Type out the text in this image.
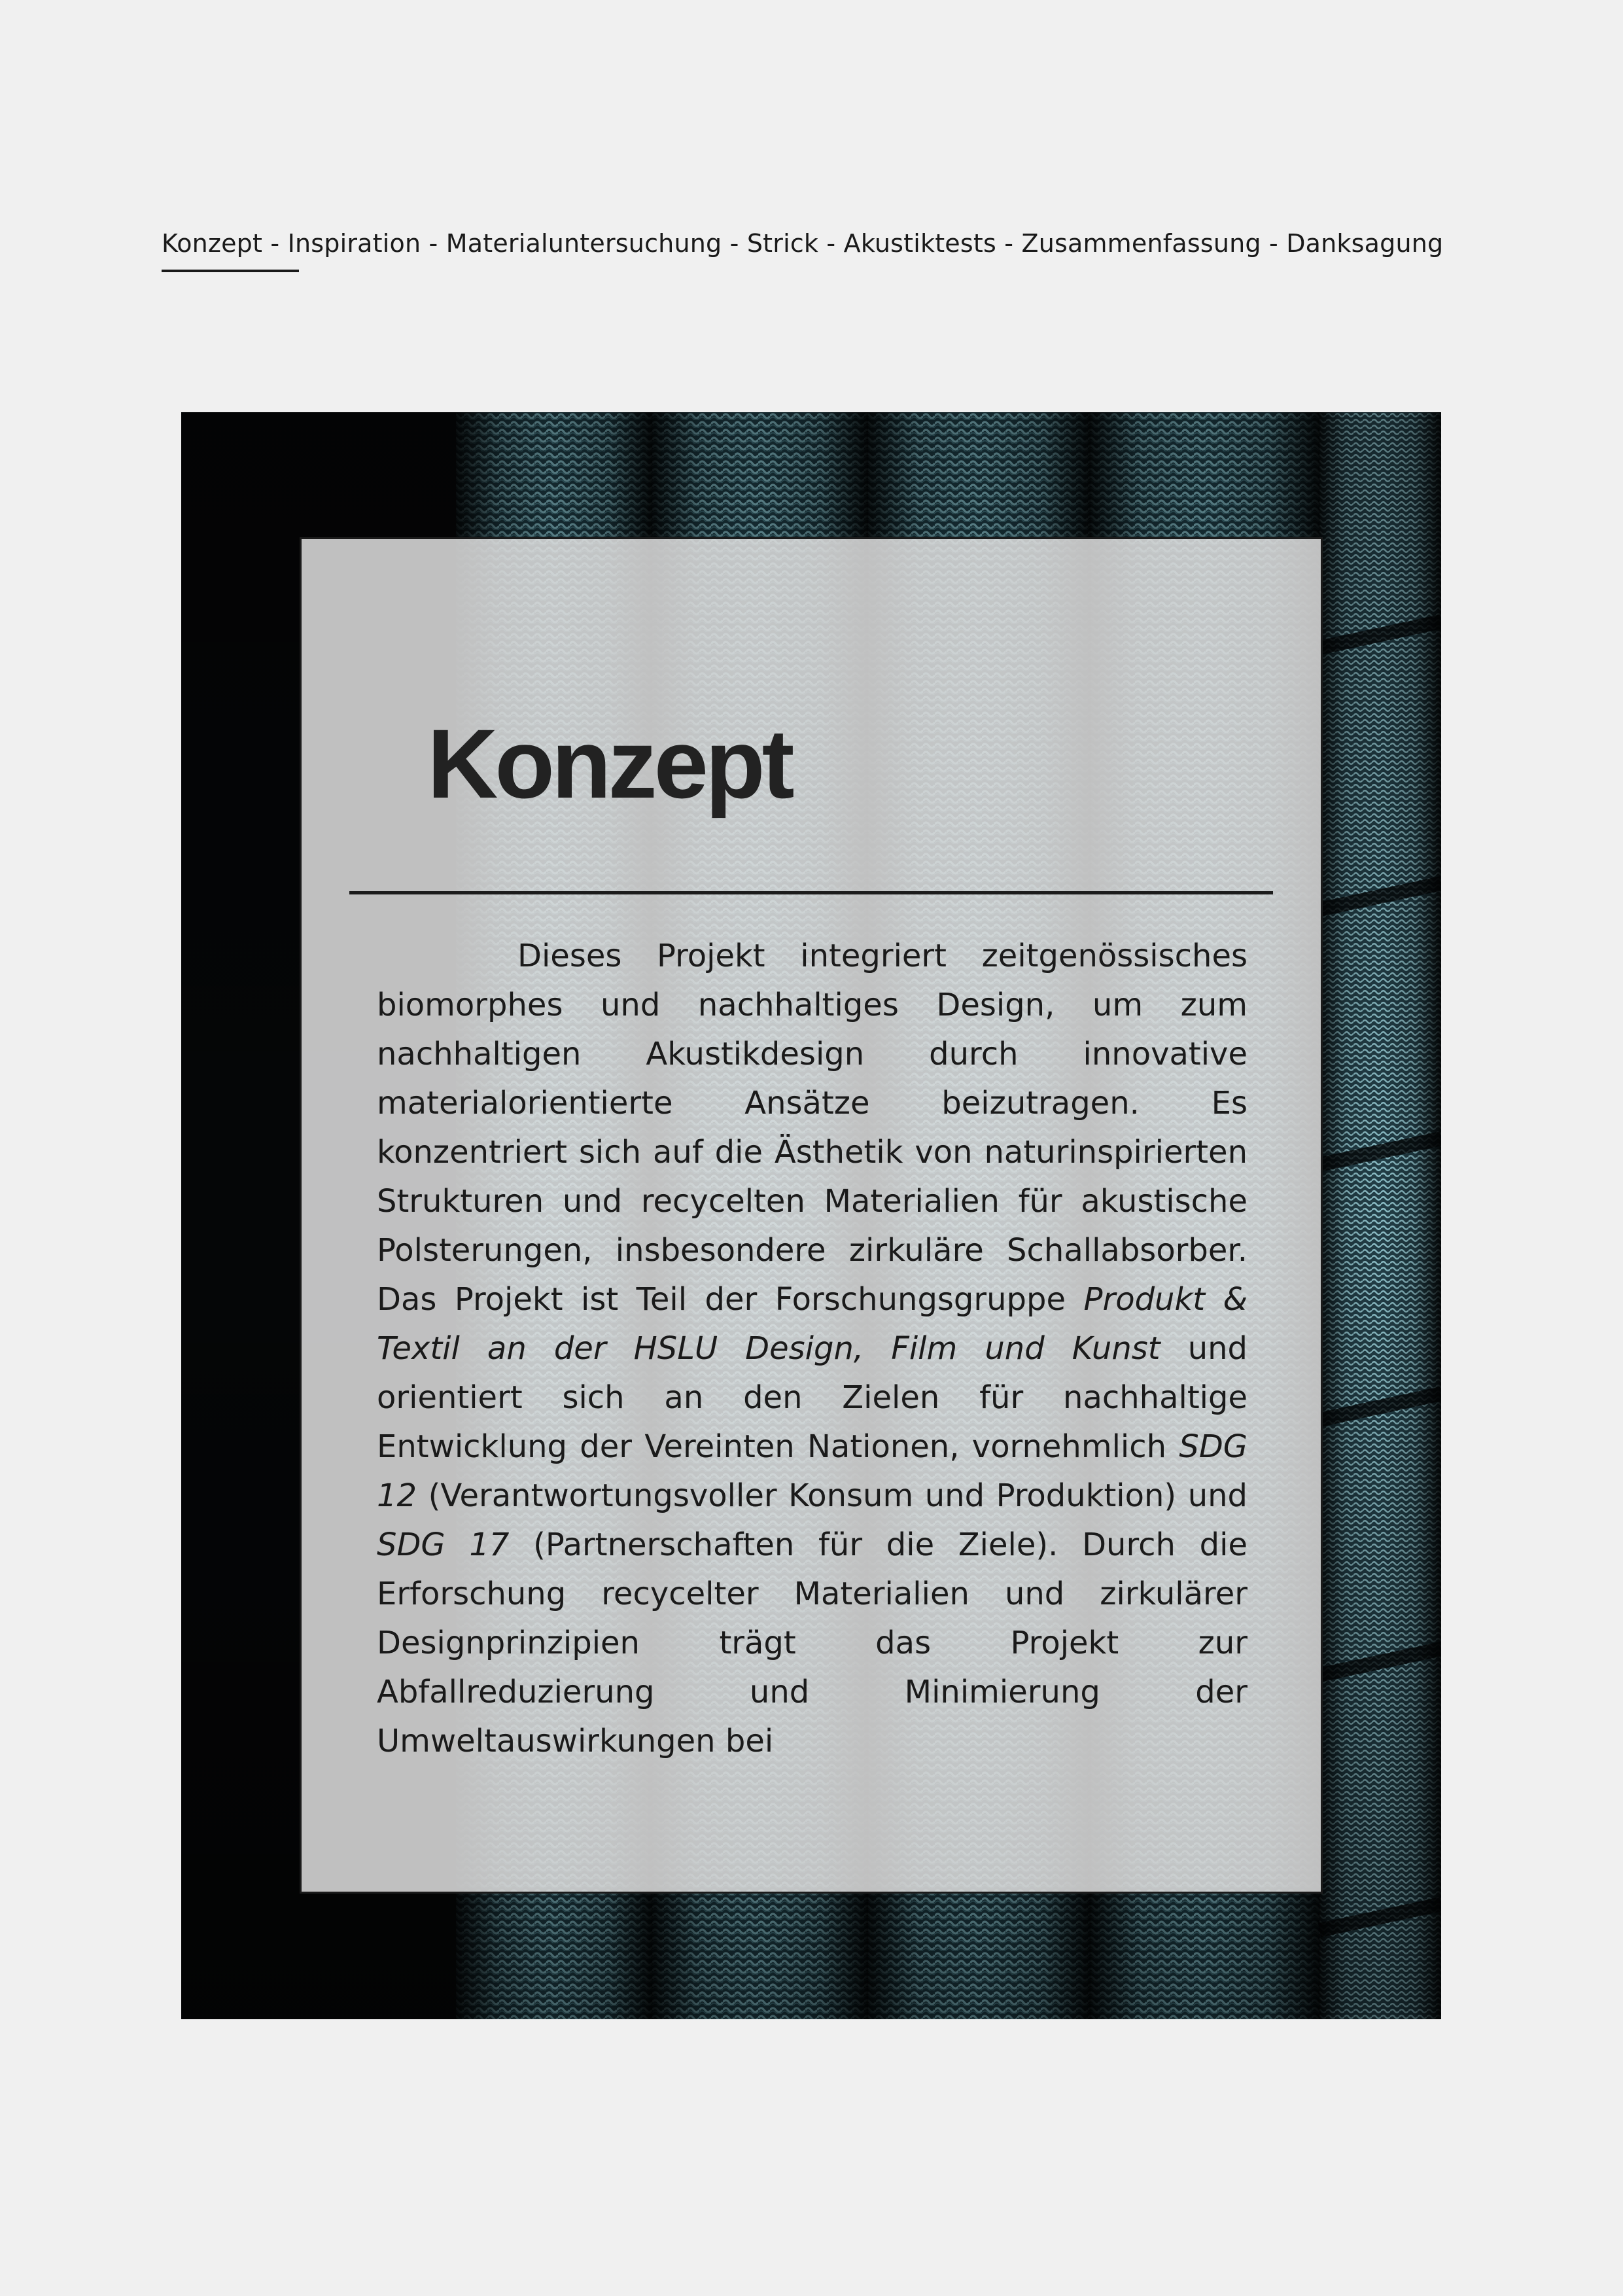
Konzept - Inspiration - Materialuntersuchung - Strick - Akustiktests - Zusammenfassung - Danksagung
Konzept

Dieses Projekt integriert zeitgenössisches biomorphes und nachhaltiges Design, um zum nachhaltigen Akustikdesign durch innovative materialorientierte Ansätze beizutragen. Es konzentriert sich auf die Ästhetik von naturinspirierten Strukturen und recycelten Materialien für akustische Polsterungen, insbesondere zirkuläre Schallabsorber. Das Projekt ist Teil der Forschungsgruppe Produkt & Textil an der HSLU Design, Film und Kunst und orientiert sich an den Zielen für nachhaltige Entwicklung der Vereinten Nationen, vornehmlich SDG 12 (Verantwortungsvoller Konsum und Produktion) und SDG 17 (Partnerschaften für die Ziele). Durch die Erforschung recycelter Materialien und zirkulärer Designprinzipien trägt das Projekt zur Abfallreduzierung und Minimierung der Umweltauswirkungen bei
